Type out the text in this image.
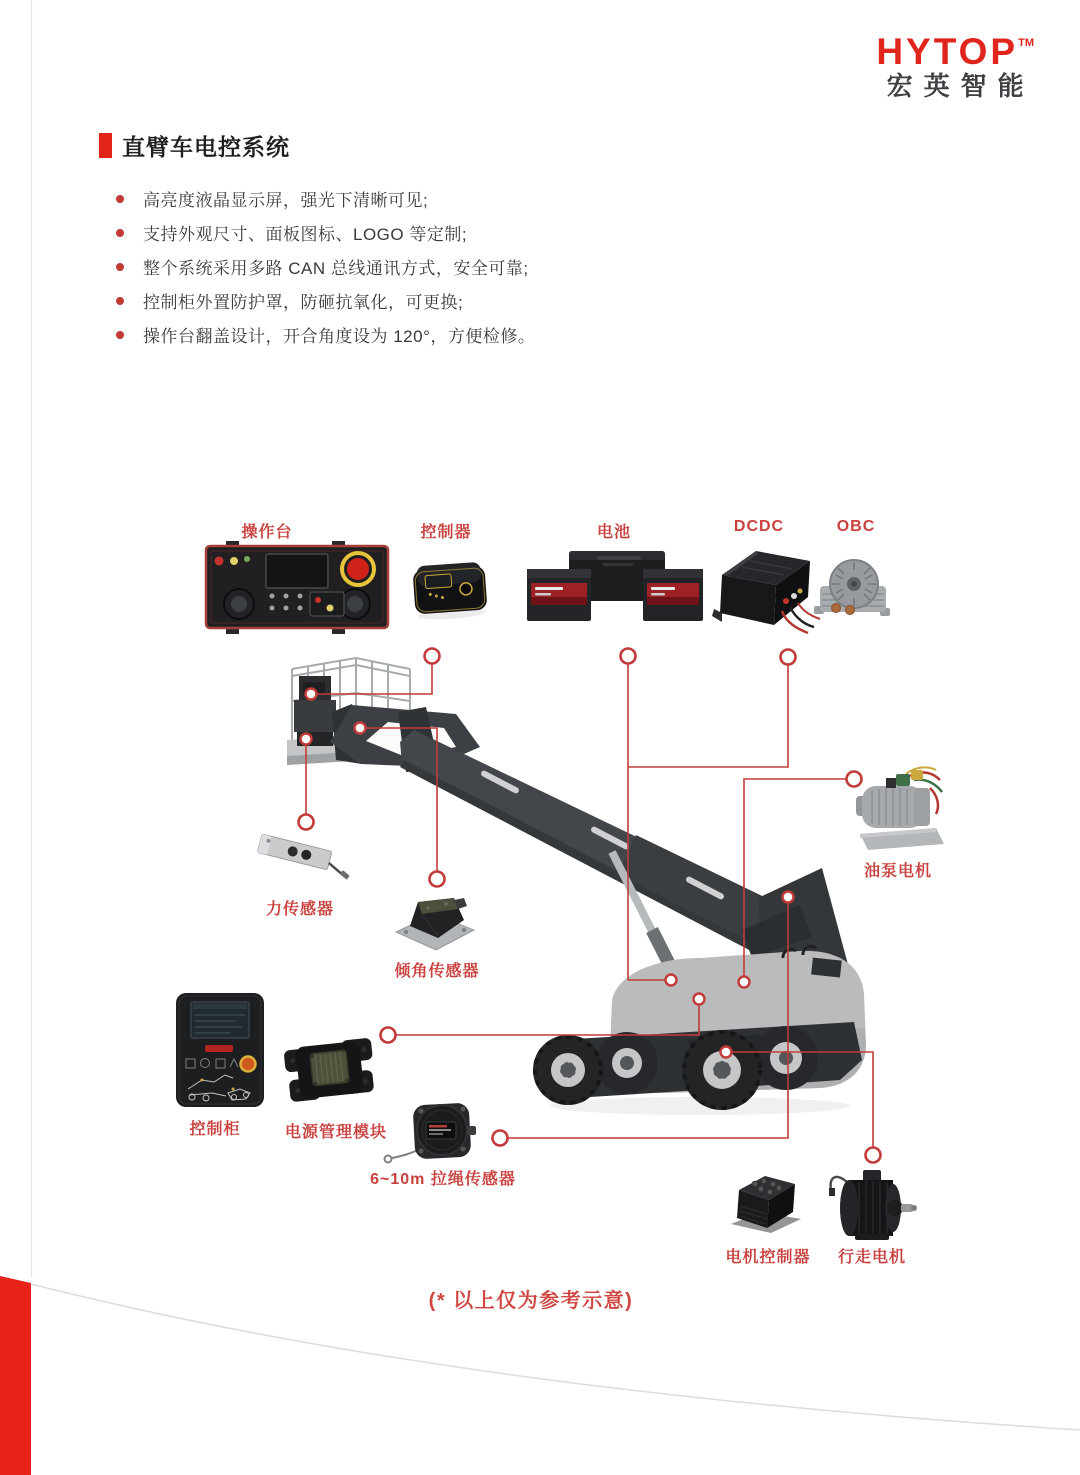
HYTOP™
宏英智能
直臂车电控系统
高亮度液晶显示屏，强光下清晰可见;
支持外观尺寸、面板图标、LOGO 等定制;
整个系统采用多路 CAN 总线通讯方式，安全可靠;
控制柜外置防护罩，防砸抗氧化，可更换;
操作台翻盖设计，开合角度设为 120°，方便检修。
操作台	控制器	电池	DCDC	OBC
油泵电机
力传感器
倾角传感器
控制柜	电源管理模块
6~10m 拉绳传感器
电机控制器 行走电机
(* 以上仅为参考示意)
